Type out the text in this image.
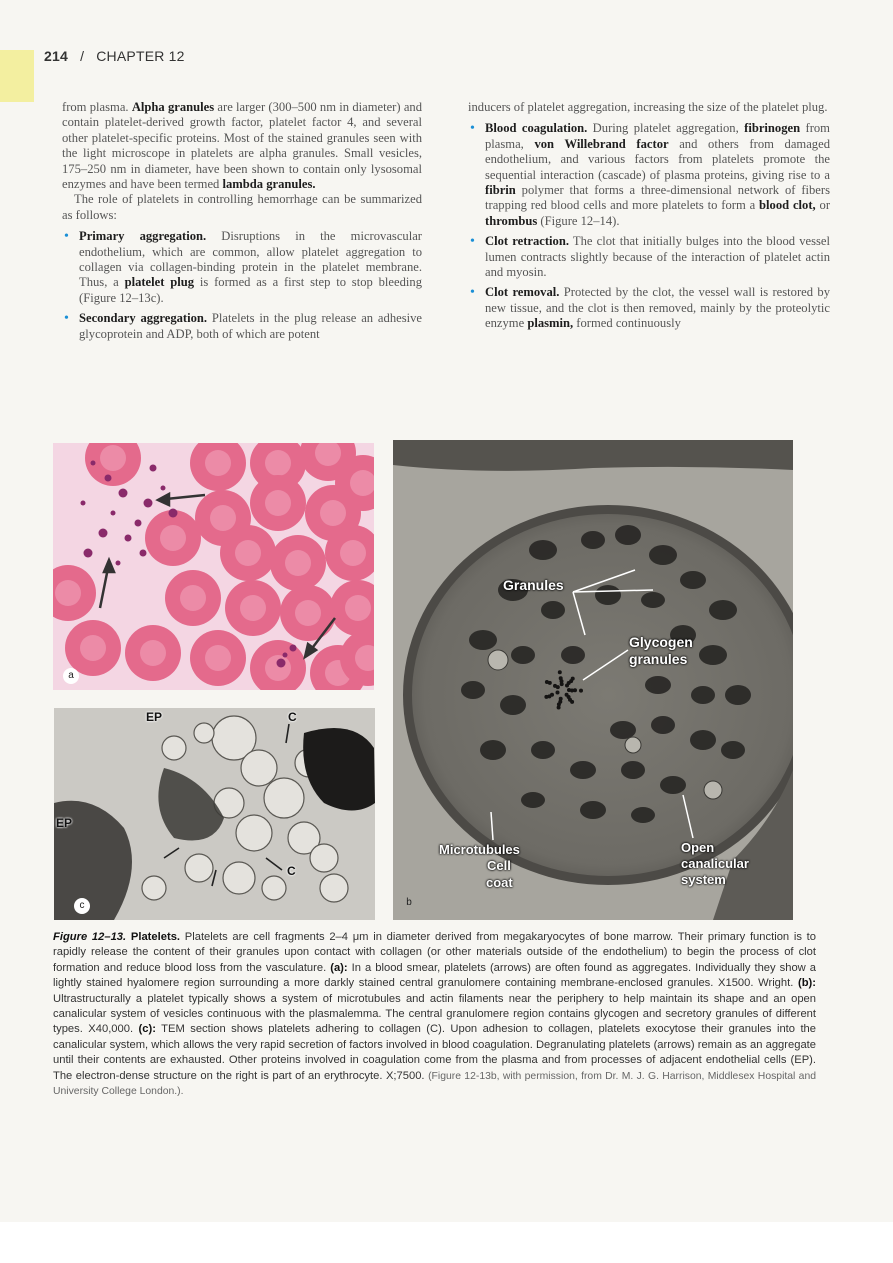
214 / CHAPTER 12

from plasma. Alpha granules are larger (300–500 nm in diameter) and contain platelet-derived growth factor, platelet factor 4, and several other platelet-specific proteins. Most of the stained granules seen with the light microscope in platelets are alpha granules. Small vesicles, 175–250 nm in diameter, have been shown to contain only lysosomal enzymes and have been termed lambda granules.

The role of platelets in controlling hemorrhage can be summarized as follows:

• Primary aggregation. Disruptions in the microvascular endothelium, which are common, allow platelet aggregation to collagen via collagen-binding protein in the platelet membrane. Thus, a platelet plug is formed as a first step to stop bleeding (Figure 12–13c).
• Secondary aggregation. Platelets in the plug release an adhesive glycoprotein and ADP, both of which are potent

inducers of platelet aggregation, increasing the size of the platelet plug.

• Blood coagulation. During platelet aggregation, fibrinogen from plasma, von Willebrand factor and others from damaged endothelium, and various factors from platelets promote the sequential interaction (cascade) of plasma proteins, giving rise to a fibrin polymer that forms a three-dimensional network of fibers trapping red blood cells and more platelets to form a blood clot, or thrombus (Figure 12–14).
• Clot retraction. The clot that initially bulges into the blood vessel lumen contracts slightly because of the interaction of platelet actin and myosin.
• Clot removal. Protected by the clot, the vessel wall is restored by new tissue, and the clot is then removed, mainly by the proteolytic enzyme plasmin, formed continuously
a
EP
EP
C
C
c
Granules
Glycogen
granules
Microtubules
Cell
coat
Open
canalicular
system
b
Figure 12–13. Platelets. Platelets are cell fragments 2–4 μm in diameter derived from megakaryocytes of bone marrow. Their primary function is to rapidly release the content of their granules upon contact with collagen (or other materials outside of the endothelium) to begin the process of clot formation and reduce blood loss from the vasculature. (a): In a blood smear, platelets (arrows) are often found as aggregates. Individually they show a lightly stained hyalomere region surrounding a more darkly stained central granulomere containing membrane-enclosed granules. X1500. Wright. (b): Ultrastructurally a platelet typically shows a system of microtubules and actin filaments near the periphery to help maintain its shape and an open canalicular system of vesicles continuous with the plasmalemma. The central granulomere region contains glycogen and secretory granules of different types. X40,000. (c): TEM section shows platelets adhering to collagen (C). Upon adhesion to collagen, platelets exocytose their granules into the canalicular system, which allows the very rapid secretion of factors involved in blood coagulation. Degranulating platelets (arrows) remain as an aggregate until their contents are exhausted. Other proteins involved in coagulation come from the plasma and from processes of adjacent endothelial cells (EP). The electron-dense structure on the right is part of an erythrocyte. X;7500. (Figure 12-13b, with permission, from Dr. M. J. G. Harrison, Middlesex Hospital and University College London.).
